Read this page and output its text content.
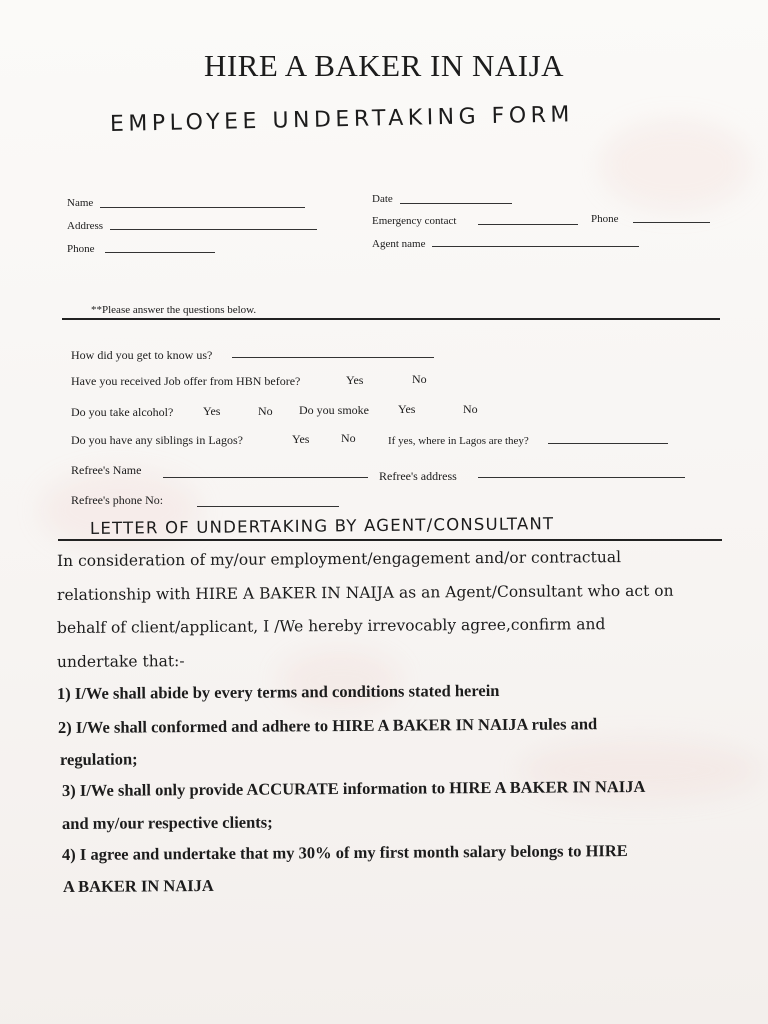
HIRE A BAKER IN NAIJA
EMPLOYEE UNDERTAKING FORM
Name
Address
Phone
Date
Emergency contact	Phone
Agent name
**Please answer the questions below.
How did you get to know us?
Have you received Job offer from HBN before?	Yes	No
Do you take alcohol? Yes	No Do you smoke Yes	No
Do you have any siblings in Lagos?	Yes	No	If yes, where in Lagos are they?
Refree's Name	Refree's address
Refree's phone No:
LETTER OF UNDERTAKING BY AGENT/CONSULTANT
In consideration of my/our employment/engagement and/or contractual
relationship with HIRE A BAKER IN NAIJA as an Agent/Consultant who act on
behalf of client/applicant, I /We hereby irrevocably agree,confirm and
undertake that:-
1) I/We shall abide by every terms and conditions stated herein
2) I/We shall conformed and adhere to HIRE A BAKER IN NAIJA rules and
regulation;
3) I/We shall only provide ACCURATE information to HIRE A BAKER IN NAIJA
and my/our respective clients;
4) I agree and undertake that my 30% of my first month salary belongs to HIRE
A BAKER IN NAIJA
